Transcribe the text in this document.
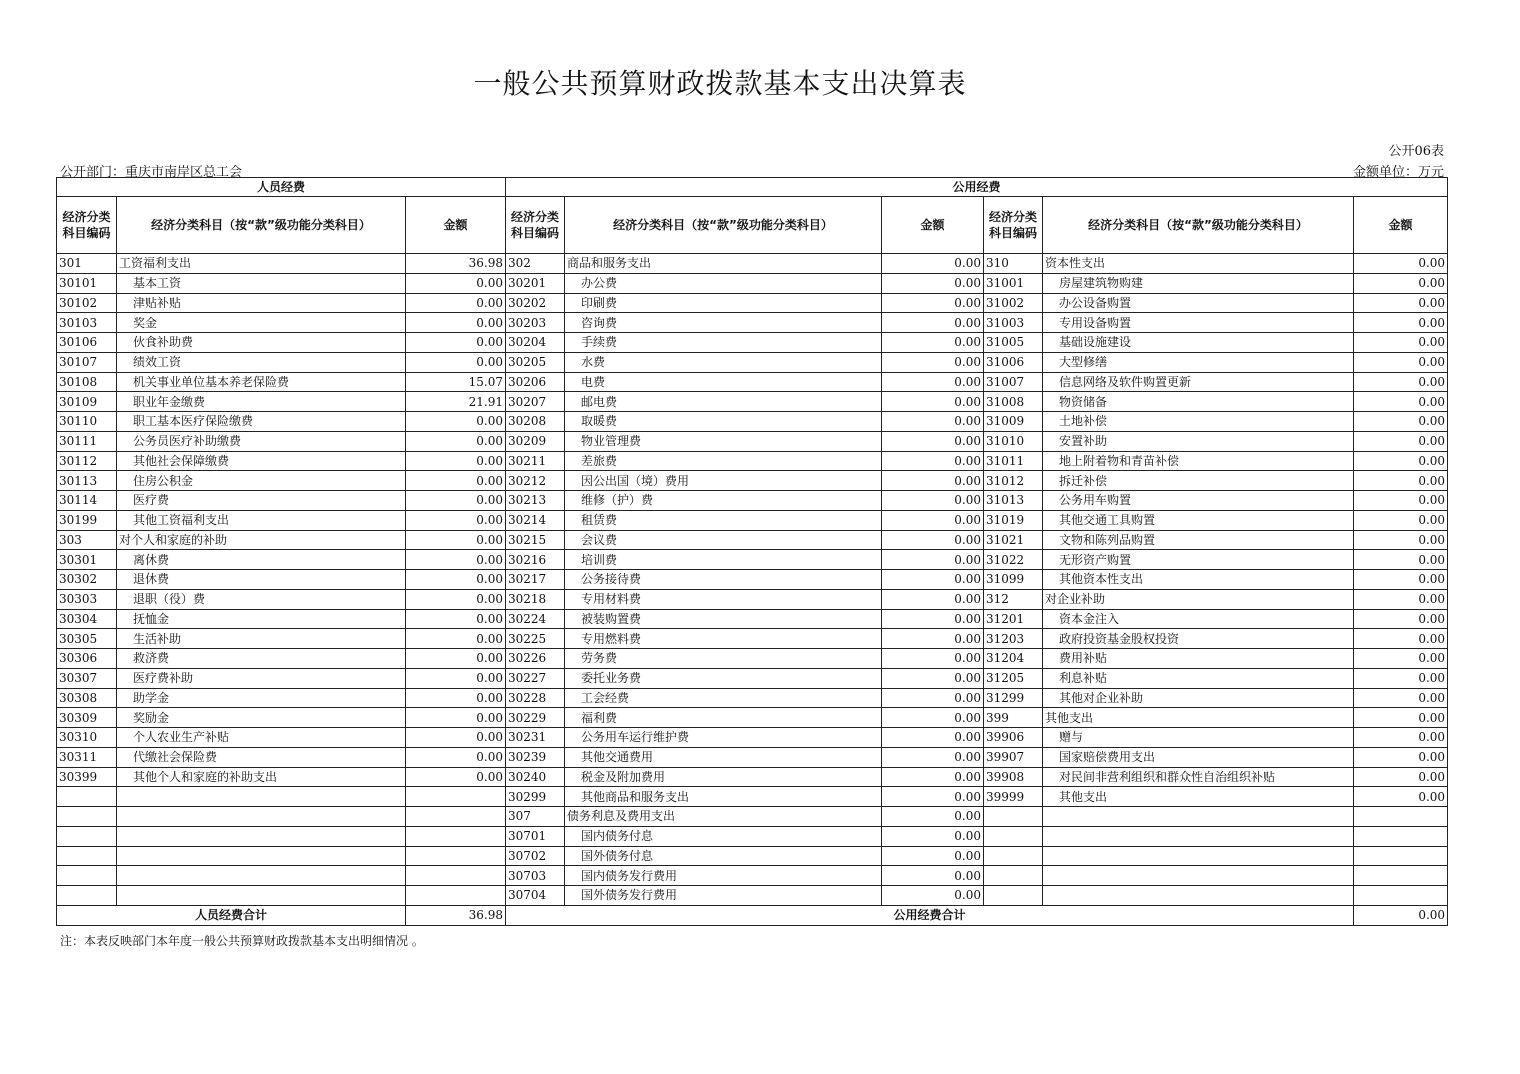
一般公共预算财政拨款基本支出决算表
公开06表
公开部门：重庆市南岸区总工会	金额单位：万元
人员经费			公用经费					
经济分类科目编码	经济分类科目（按“款”级功能分类科目）	金额	经济分类科目编码	经济分类科目（按“款”级功能分类科目）	金额	经济分类科目编码	经济分类科目（按“款”级功能分类科目）	金额
301	工资福利支出	36.98	302	商品和服务支出	0.00	310	资本性支出	0.00
30101	基本工资	0.00	30201	办公费	0.00	31001	房屋建筑物购建	0.00
30102	津贴补贴	0.00	30202	印刷费	0.00	31002	办公设备购置	0.00
30103	奖金	0.00	30203	咨询费	0.00	31003	专用设备购置	0.00
30106	伙食补助费	0.00	30204	手续费	0.00	31005	基础设施建设	0.00
30107	绩效工资	0.00	30205	水费	0.00	31006	大型修缮	0.00
30108	机关事业单位基本养老保险费	15.07	30206	电费	0.00	31007	信息网络及软件购置更新	0.00
30109	职业年金缴费	21.91	30207	邮电费	0.00	31008	物资储备	0.00
30110	职工基本医疗保险缴费	0.00	30208	取暖费	0.00	31009	土地补偿	0.00
30111	公务员医疗补助缴费	0.00	30209	物业管理费	0.00	31010	安置补助	0.00
30112	其他社会保障缴费	0.00	30211	差旅费	0.00	31011	地上附着物和青苗补偿	0.00
30113	住房公积金	0.00	30212	因公出国（境）费用	0.00	31012	拆迁补偿	0.00
30114	医疗费	0.00	30213	维修（护）费	0.00	31013	公务用车购置	0.00
30199	其他工资福利支出	0.00	30214	租赁费	0.00	31019	其他交通工具购置	0.00
303	对个人和家庭的补助	0.00	30215	会议费	0.00	31021	文物和陈列品购置	0.00
30301	离休费	0.00	30216	培训费	0.00	31022	无形资产购置	0.00
30302	退休费	0.00	30217	公务接待费	0.00	31099	其他资本性支出	0.00
30303	退职（役）费	0.00	30218	专用材料费	0.00	312	对企业补助	0.00
30304	抚恤金	0.00	30224	被装购置费	0.00	31201	资本金注入	0.00
30305	生活补助	0.00	30225	专用燃料费	0.00	31203	政府投资基金股权投资	0.00
30306	救济费	0.00	30226	劳务费	0.00	31204	费用补贴	0.00
30307	医疗费补助	0.00	30227	委托业务费	0.00	31205	利息补贴	0.00
30308	助学金	0.00	30228	工会经费	0.00	31299	其他对企业补助	0.00
30309	奖励金	0.00	30229	福利费	0.00	399	其他支出	0.00
30310	个人农业生产补贴	0.00	30231	公务用车运行维护费	0.00	39906	赠与	0.00
30311	代缴社会保险费	0.00	30239	其他交通费用	0.00	39907	国家赔偿费用支出	0.00
30399	其他个人和家庭的补助支出	0.00	30240	税金及附加费用	0.00	39908	对民间非营利组织和群众性自治组织补贴	0.00
			30299	其他商品和服务支出	0.00	39999	其他支出	0.00
			307	债务利息及费用支出	0.00			
			30701	国内债务付息	0.00			
			30702	国外债务付息	0.00			
			30703	国内债务发行费用	0.00			
			30704	国外债务发行费用	0.00			
人员经费合计		36.98	公用经费合计					0.00
注：本表反映部门本年度一般公共预算财政拨款基本支出明细情况 。
